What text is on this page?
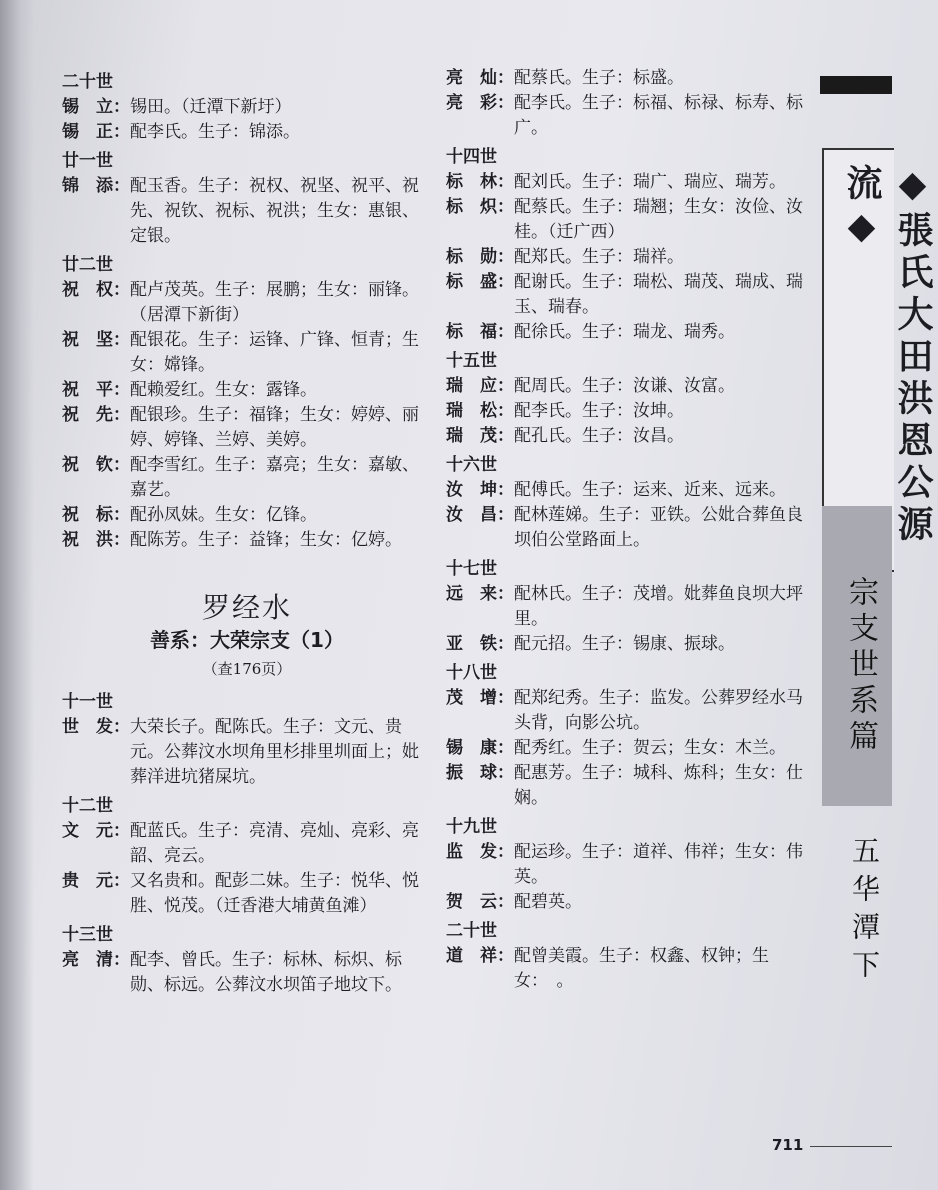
二十世
锡　立： 锡田。（迁潭下新圩）
锡　正： 配李氏。生子：锦添。
廿一世
锦　添： 配玉香。生子：祝权、祝坚、祝平、祝先、祝钦、祝标、祝洪；生女：惠银、定银。
廿二世
祝　权： 配卢茂英。生子：展鹏；生女：丽锋。（居潭下新街）
祝　坚： 配银花。生子：运锋、广锋、恒青；生女：嫦锋。
祝　平： 配赖爱红。生女：露锋。
祝　先： 配银珍。生子：福锋；生女：婷婷、丽婷、婷锋、兰婷、美婷。
祝　钦： 配李雪红。生子：嘉亮；生女：嘉敏、嘉艺。
祝　标： 配孙凤妹。生女：亿锋。
祝　洪： 配陈芳。生子：益锋；生女：亿婷。
罗经水
善系：大荣宗支（1）
（查176页）
十一世
世　发： 大荣长子。配陈氏。生子：文元、贵元。公葬汶水坝角里杉排里圳面上；妣葬洋进坑猪屎坑。
十二世
文　元： 配蓝氏。生子：亮清、亮灿、亮彩、亮韶、亮云。
贵　元： 又名贵和。配彭二妹。生子：悦华、悦胜、悦茂。（迁香港大埔黄鱼滩）
十三世
亮　清： 配李、曾氏。生子：标林、标炽、标勋、标远。公葬汶水坝笛子地坟下。
亮　灿： 配蔡氏。生子：标盛。
亮　彩： 配李氏。生子：标福、标禄、标寿、标广。
十四世
标　林： 配刘氏。生子：瑞广、瑞应、瑞芳。
标　炽： 配蔡氏。生子：瑞翘；生女：汝俭、汝桂。（迁广西）
标　勋： 配郑氏。生子：瑞祥。
标　盛： 配谢氏。生子：瑞松、瑞茂、瑞成、瑞玉、瑞春。
标　福： 配徐氏。生子：瑞龙、瑞秀。
十五世
瑞　应： 配周氏。生子：汝谦、汝富。
瑞　松： 配李氏。生子：汝坤。
瑞　茂： 配孔氏。生子：汝昌。
十六世
汝　坤： 配傅氏。生子：运来、近来、远来。
汝　昌： 配林莲娣。生子：亚铁。公妣合葬鱼良坝伯公堂路面上。
十七世
远　来： 配林氏。生子：茂增。妣葬鱼良坝大坪里。
亚　铁： 配元招。生子：锡康、振球。
十八世
茂　增： 配郑纪秀。生子：监发。公葬罗经水马头背，向影公坑。
锡　康： 配秀红。生子：贺云；生女：木兰。
振　球： 配惠芳。生子：城科、炼科；生女：仕娴。
十九世
监　发： 配运珍。生子：道祥、伟祥；生女：伟英。
贺　云： 配碧英。
二十世
道　祥： 配曾美霞。生子：权鑫、权钟；生女：　。
◆張氏大田洪恩公源流◆
宗支世系篇
五华潭下
711
